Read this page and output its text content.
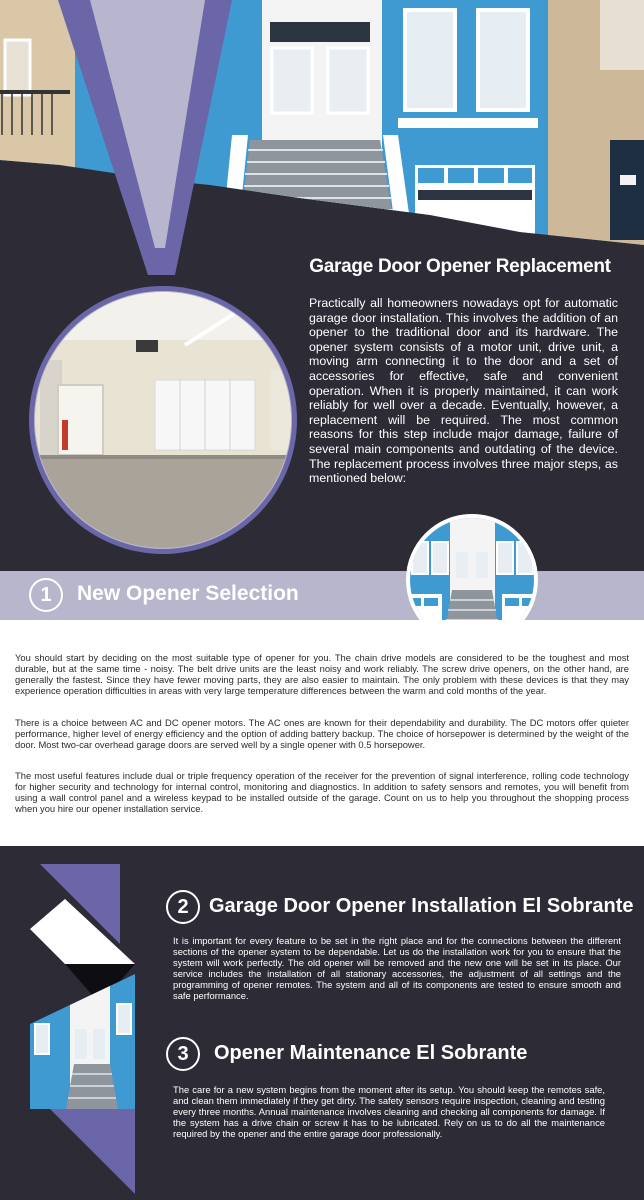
Garage Door Opener Replacement
Practically all homeowners nowadays opt for automatic garage door installation. This involves the addition of an opener to the traditional door and its hardware. The opener system consists of a motor unit, drive unit, a moving arm connecting it to the door and a set of accessories for effective, safe and convenient operation. When it is properly maintained, it can work reliably for well over a decade. Eventually, however, a replacement will be required. The most common reasons for this step include major damage, failure of several main components and outdating of the device. The replacement process involves three major steps, as mentioned below:
1	New Opener Selection
You should start by deciding on the most suitable type of opener for you. The chain drive models are considered to be the toughest and most durable, but at the same time - noisy. The belt drive units are the least noisy and work reliably. The screw drive openers, on the other hand, are generally the fastest. Since they have fewer moving parts, they are also easier to maintain. The only problem with these devices is that they may experience operation difficulties in areas with very large temperature differences between the warm and cold months of the year.
There is a choice between AC and DC opener motors. The AC ones are known for their dependability and durability. The DC motors offer quieter performance, higher level of energy efficiency and the option of adding battery backup. The choice of horsepower is determined by the weight of the door. Most two-car overhead garage doors are served well by a single opener with 0.5 horsepower.
The most useful features include dual or triple frequency operation of the receiver for the prevention of signal interference, rolling code technology for higher security and technology for internal control, monitoring and diagnostics. In addition to safety sensors and remotes, you will benefit from using a wall control panel and a wireless keypad to be installed outside of the garage. Count on us to help you throughout the shopping process when you hire our opener installation service.
2	Garage Door Opener Installation El Sobrante
It is important for every feature to be set in the right place and for the connections between the different sections of the opener system to be dependable. Let us do the installation work for you to ensure that the system will work perfectly. The old opener will be removed and the new one will be set in its place. Our service includes the installation of all stationary accessories, the adjustment of all settings and the programming of opener remotes. The system and all of its components are tested to ensure smooth and safe performance.
3	Opener Maintenance El Sobrante
The care for a new system begins from the moment after its setup. You should keep the remotes safe, and clean them immediately if they get dirty. The safety sensors require inspection, cleaning and testing every three months. Annual maintenance involves cleaning and checking all components for damage. If the system has a drive chain or screw it has to be lubricated. Rely on us to do all the maintenance required by the opener and the entire garage door professionally.
